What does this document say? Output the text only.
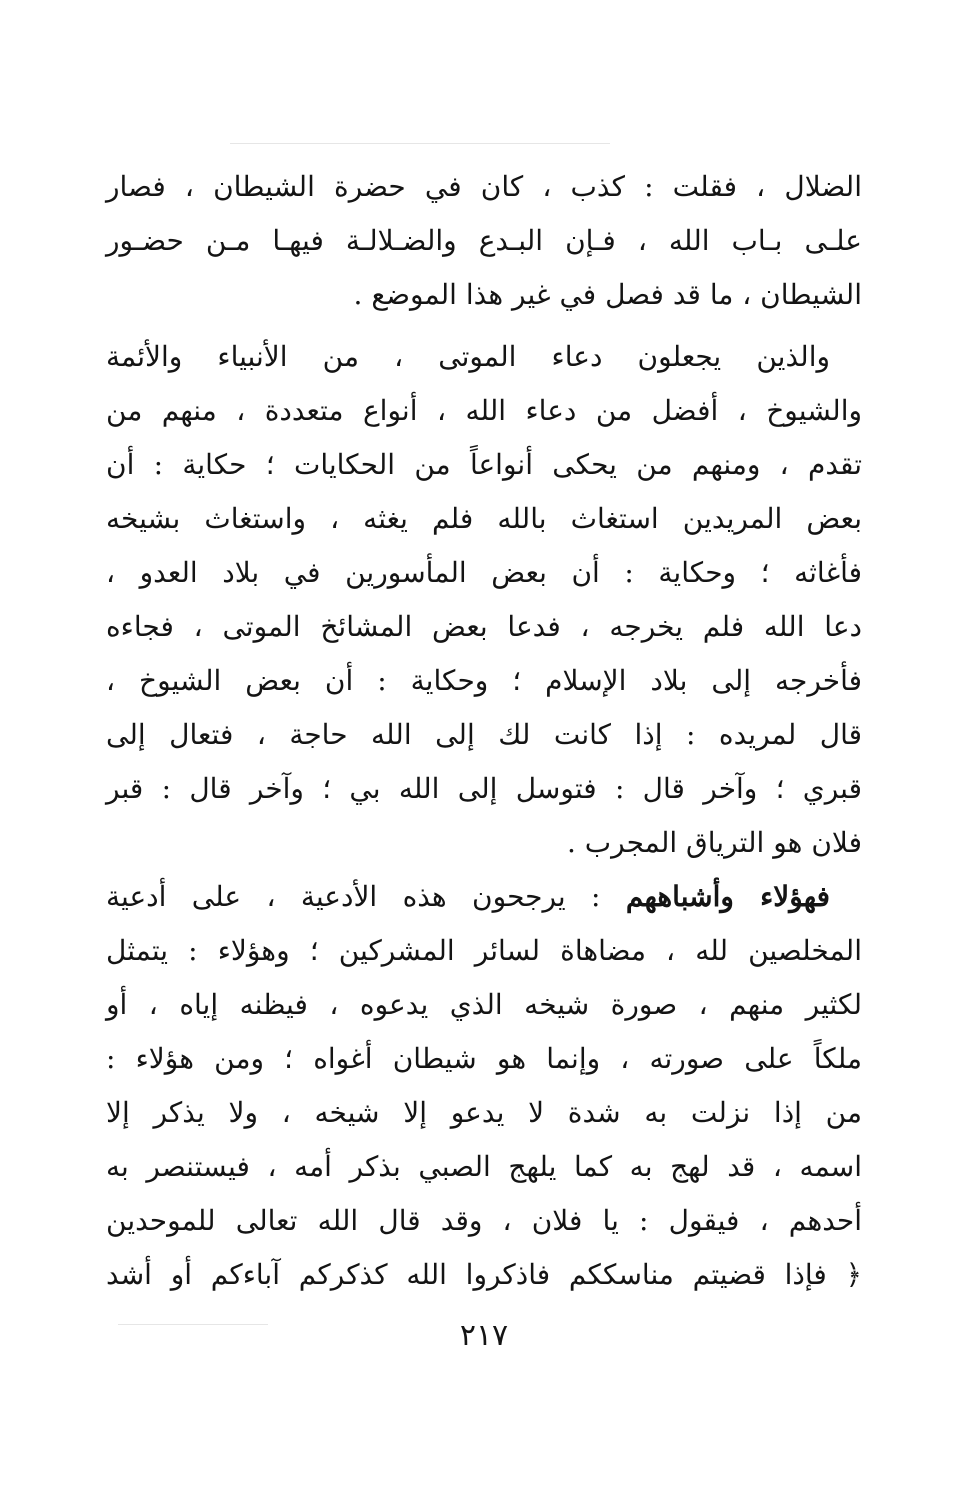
الضلال ، فقلت : كذب ، كان في حضرة الشيطان ، فصار
علـى بـاب الله ، فـإن البـدع والضـلالـة فيهـا مـن حضـور
الشيطان ، ما قد فصل في غير هذا الموضع .
والذين يجعلون دعاء الموتى ، من الأنبياء والأئمة
والشيوخ ، أفضل من دعاء الله ، أنواع متعددة ، منهم من
تقدم ، ومنهم من يحكى أنواعاً من الحكايات ؛ حكاية : أن
بعض المريدين استغاث بالله فلم يغثه ، واستغاث بشيخه
فأغاثه ؛ وحكاية : أن بعض المأسورين في بلاد العدو ،
دعا الله فلم يخرجه ، فدعا بعض المشائخ الموتى ، فجاءه
فأخرجه إلى بلاد الإسلام ؛ وحكاية : أن بعض الشيوخ ،
قال لمريده : إذا كانت لك إلى الله حاجة ، فتعال إلى
قبري ؛ وآخر قال : فتوسل إلى الله بي ؛ وآخر قال : قبر
فلان هو الترياق المجرب .
فهؤلاء وأشباههم : يرجحون هذه الأدعية ، على أدعية
المخلصين لله ، مضاهاة لسائر المشركين ؛ وهؤلاء : يتمثل
لكثير منهم ، صورة شيخه الذي يدعوه ، فيظنه إياه ، أو
ملكاً على صورته ، وإنما هو شيطان أغواه ؛ ومن هؤلاء :
من إذا نزلت به شدة لا يدعو إلا شيخه ، ولا يذكر إلا
اسمه ، قد لهج به كما يلهج الصبي بذكر أمه ، فيستنصر به
أحدهم ، فيقول : يا فلان ، وقد قال الله تعالى للموحدين
﴿ فإذا قضيتم مناسككم فاذكروا الله كذكركم آباءكم أو أشد
٢١٧
